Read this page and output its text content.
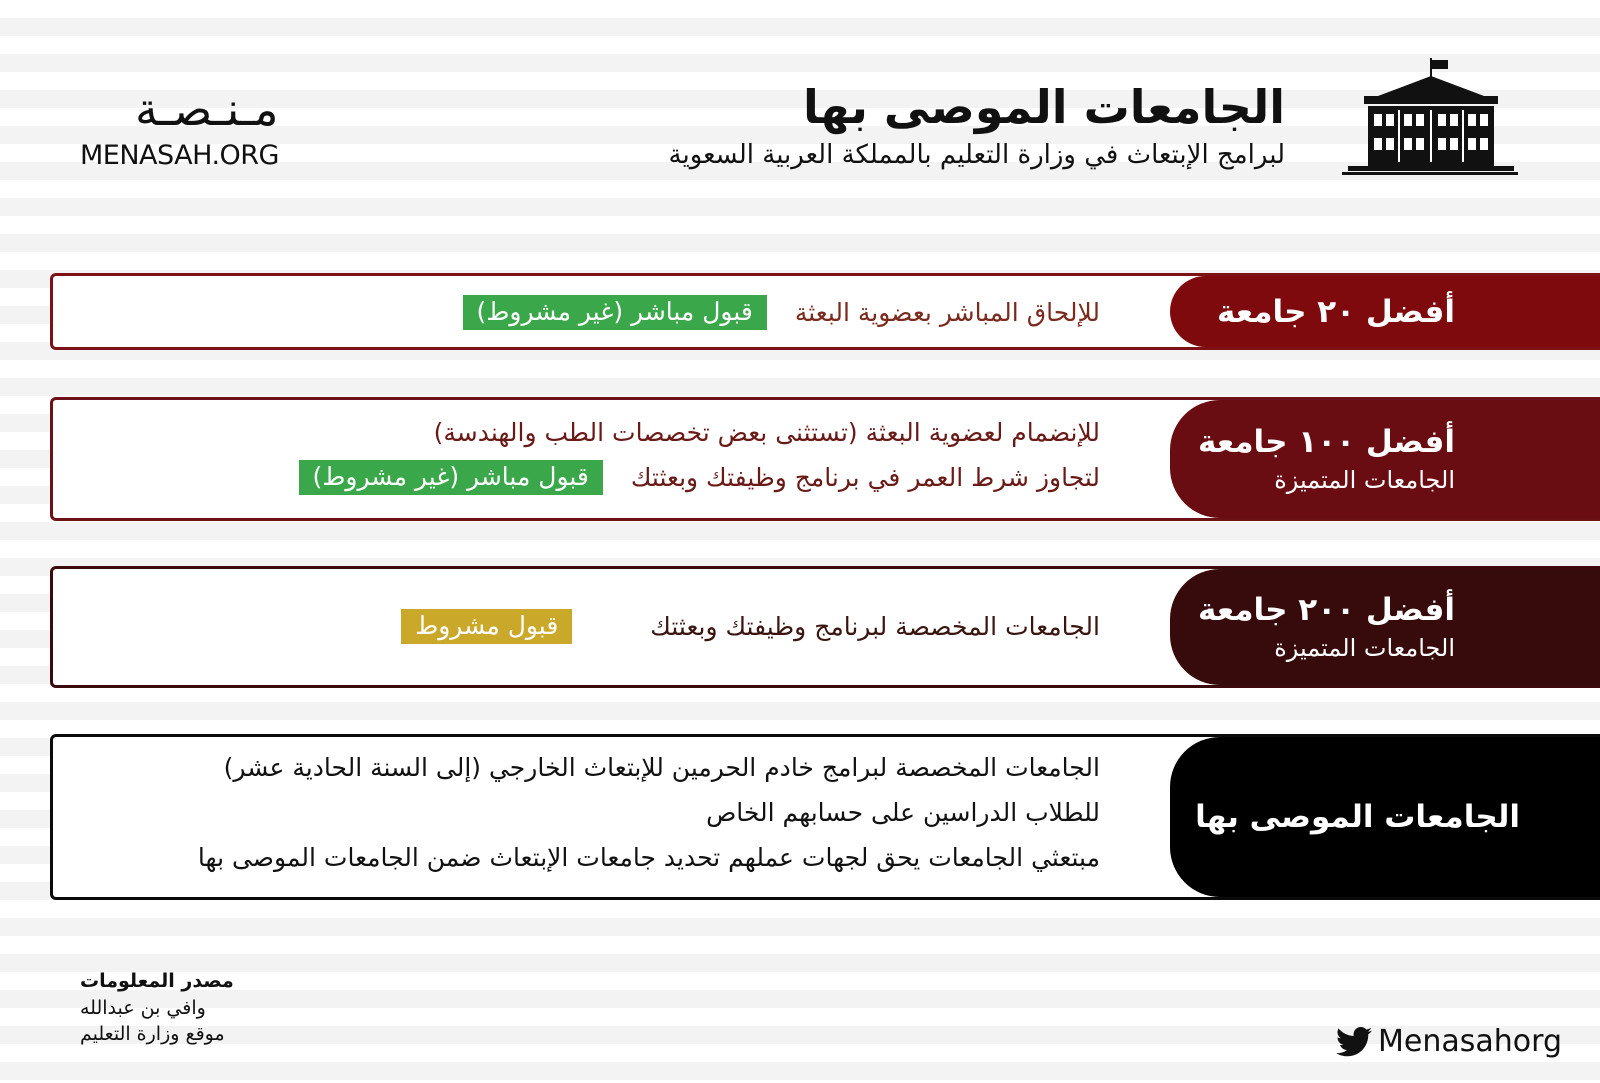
الجامعات الموصى بها
لبرامج الإبتعاث في وزارة التعليم بالمملكة العربية السعوية
مـنـصـة
MENASAH.ORG
أفضل ٢٠ جامعة
للإلحاق المباشر بعضوية البعثة
قبول مباشر (غير مشروط)
أفضل ١٠٠ جامعة
الجامعات المتميزة
للإنضمام لعضوية البعثة (تستثنى بعض تخصصات الطب والهندسة)
لتجاوز شرط العمر في برنامج وظيفتك وبعثتك
قبول مباشر (غير مشروط)
أفضل ٢٠٠ جامعة
الجامعات المتميزة
الجامعات المخصصة لبرنامج وظيفتك وبعثتك
قبول مشروط
الجامعات الموصى بها
الجامعات المخصصة لبرامج خادم الحرمين للإبتعاث الخارجي (إلى السنة الحادية عشر)
للطلاب الدراسين على حسابهم الخاص
مبتعثي الجامعات يحق لجهات عملهم تحديد جامعات الإبتعاث ضمن الجامعات الموصى بها
مصدر المعلومات
وافي بن عبدالله
موقع وزارة التعليم	Menasahorg
